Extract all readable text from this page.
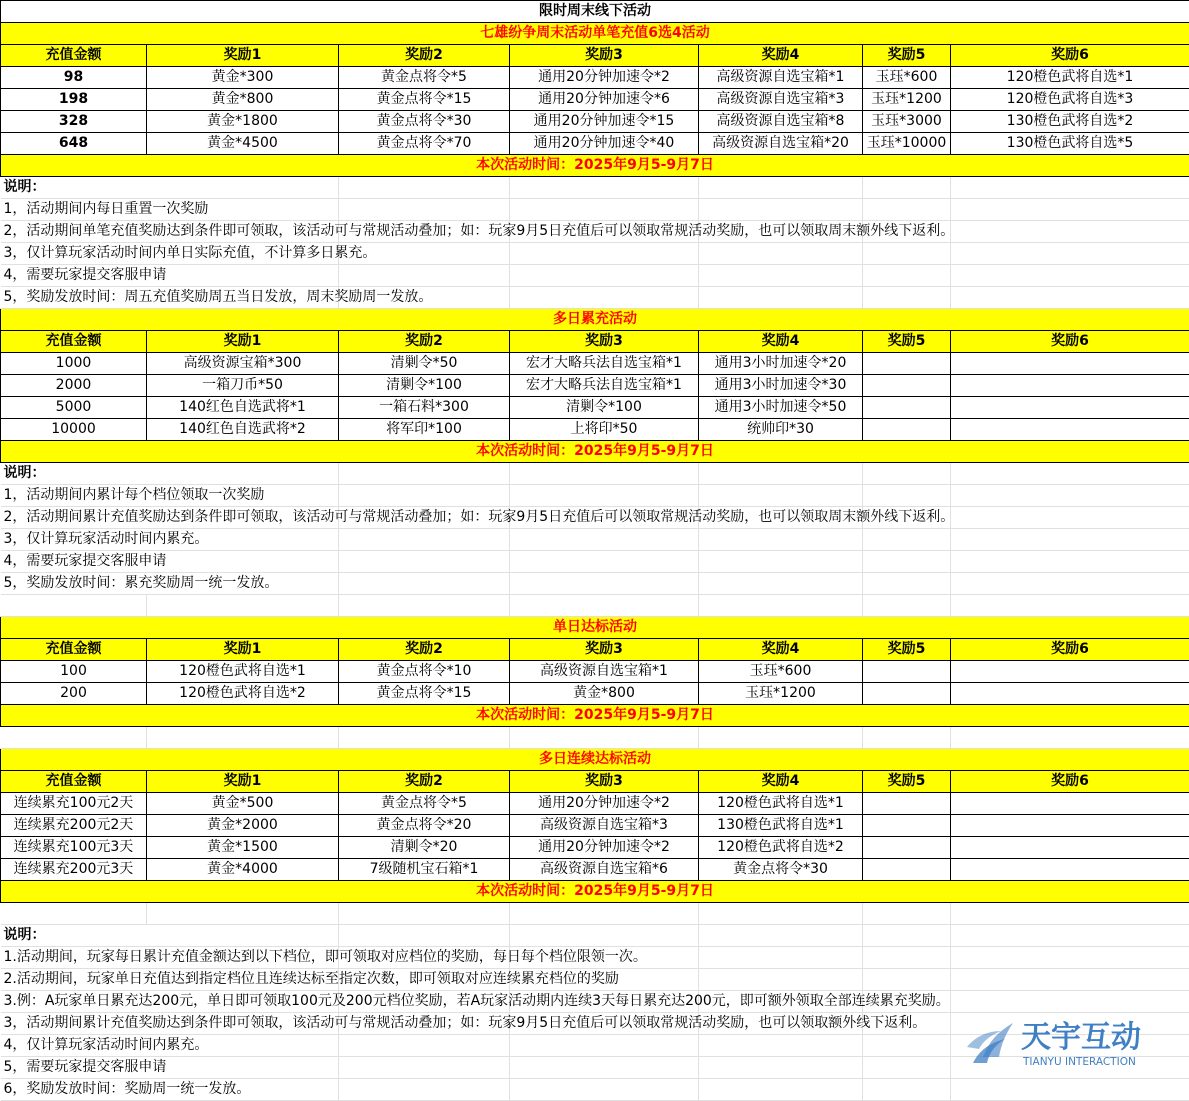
限时周末线下活动						
七雄纷争周末活动单笔充值6选4活动						
充值金额	奖励1	奖励2	奖励3	奖励4	奖励5	奖励6
98	黄金*300	黄金点将令*5	通用20分钟加速令*2	高级资源自选宝箱*1	玉珏*600	120橙色武将自选*1
198	黄金*800	黄金点将令*15	通用20分钟加速令*6	高级资源自选宝箱*3	玉珏*1200	120橙色武将自选*3
328	黄金*1800	黄金点将令*30	通用20分钟加速令*15	高级资源自选宝箱*8	玉珏*3000	130橙色武将自选*2
648	黄金*4500	黄金点将令*70	通用20分钟加速令*40	高级资源自选宝箱*20	玉珏*10000	130橙色武将自选*5
本次活动时间：2025年9月5-9月7日						
说明：						
1，活动期间内每日重置一次奖励						
2，活动期间单笔充值奖励达到条件即可领取，该活动可与常规活动叠加；如：玩家9月5日充值后可以领取常规活动奖励，也可以领取周末额外线下返利。						
3，仅计算玩家活动时间内单日实际充值，不计算多日累充。						
4，需要玩家提交客服申请						
5，奖励发放时间：周五充值奖励周五当日发放，周末奖励周一发放。						
多日累充活动						
充值金额	奖励1	奖励2	奖励3	奖励4	奖励5	奖励6
1000	高级资源宝箱*300	清剿令*50	宏才大略兵法自选宝箱*1	通用3小时加速令*20		
2000	一箱刀币*50	清剿令*100	宏才大略兵法自选宝箱*1	通用3小时加速令*30		
5000	140红色自选武将*1	一箱石料*300	清剿令*100	通用3小时加速令*50		
10000	140红色自选武将*2	将军印*100	上将印*50	统帅印*30		
本次活动时间：2025年9月5-9月7日						
说明：						
1，活动期间内累计每个档位领取一次奖励						
2，活动期间累计充值奖励达到条件即可领取，该活动可与常规活动叠加；如：玩家9月5日充值后可以领取常规活动奖励，也可以领取周末额外线下返利。						
3，仅计算玩家活动时间内累充。						
4，需要玩家提交客服申请						
5，奖励发放时间：累充奖励周一统一发放。						

单日达标活动						
充值金额	奖励1	奖励2	奖励3	奖励4	奖励5	奖励6
100	120橙色武将自选*1	黄金点将令*10	高级资源自选宝箱*1	玉珏*600		
200	120橙色武将自选*2	黄金点将令*15	黄金*800	玉珏*1200		
本次活动时间：2025年9月5-9月7日						

多日连续达标活动						
充值金额	奖励1	奖励2	奖励3	奖励4	奖励5	奖励6
连续累充100元2天	黄金*500	黄金点将令*5	通用20分钟加速令*2	120橙色武将自选*1		
连续累充200元2天	黄金*2000	黄金点将令*20	高级资源自选宝箱*3	130橙色武将自选*1		
连续累充100元3天	黄金*1500	清剿令*20	通用20分钟加速令*2	120橙色武将自选*2		
连续累充200元3天	黄金*4000	7级随机宝石箱*1	高级资源自选宝箱*6	黄金点将令*30		
本次活动时间：2025年9月5-9月7日						

说明：						
1.活动期间，玩家每日累计充值金额达到以下档位，即可领取对应档位的奖励，每日每个档位限领一次。						
2.活动期间，玩家单日充值达到指定档位且连续达标至指定次数，即可领取对应连续累充档位的奖励						
3.例：A玩家单日累充达200元，单日即可领取100元及200元档位奖励，若A玩家活动期内连续3天每日累充达200元，即可额外领取全部连续累充奖励。						
3，活动期间累计充值奖励达到条件即可领取，该活动可与常规活动叠加；如：玩家9月5日充值后可以领取常规活动奖励，也可以领取额外线下返利。						
4，仅计算玩家活动时间内累充。						
5，需要玩家提交客服申请						
6，奖励发放时间：奖励周一统一发放。						
天宇互动
TIANYU INTERACTION
